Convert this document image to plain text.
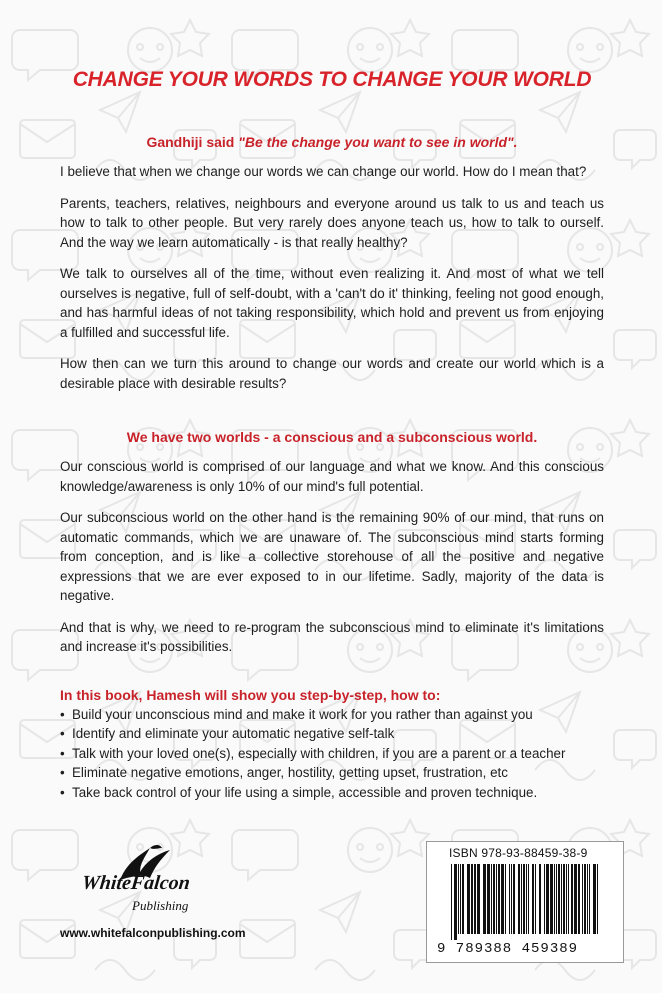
CHANGE YOUR WORDS TO CHANGE YOUR WORLD
Gandhiji said "Be the change you want to see in world".

I believe that when we change our words we can change our world. How do I mean that?

Parents, teachers, relatives, neighbours and everyone around us talk to us and teach us how to talk to other people. But very rarely does anyone teach us, how to talk to ourself. And the way we learn automatically - is that really healthy?

We talk to ourselves all of the time, without even realizing it. And most of what we tell ourselves is negative, full of self-doubt, with a 'can't do it' thinking, feeling not good enough, and has harmful ideas of not taking responsibility, which hold and prevent us from enjoying a fulfilled and successful life.

How then can we turn this around to change our words and create our world which is a desirable place with desirable results?

We have two worlds - a conscious and a subconscious world.

Our conscious world is comprised of our language and what we know. And this conscious knowledge/awareness is only 10% of our mind's full potential.

Our subconscious world on the other hand is the remaining 90% of our mind, that runs on automatic commands, which we are unaware of. The subconscious mind starts forming from conception, and is like a collective storehouse of all the positive and negative expressions that we are ever exposed to in our lifetime. Sadly, majority of the data is negative.

And that is why, we need to re-program the subconscious mind to eliminate it's limitations and increase it's possibilities.

In this book, Hamesh will show you step-by-step, how to:
• Build your unconscious mind and make it work for you rather than against you
• Identify and eliminate your automatic negative self-talk
• Talk with your loved one(s), especially with children, if you are a parent or a teacher
• Eliminate negative emotions, anger, hostility, getting upset, frustration, etc
• Take back control of your life using a simple, accessible and proven technique.
WhiteFalcon
Publishing
www.whitefalconpublishing.com
ISBN 978-93-88459-38-9
9 789388 459389
